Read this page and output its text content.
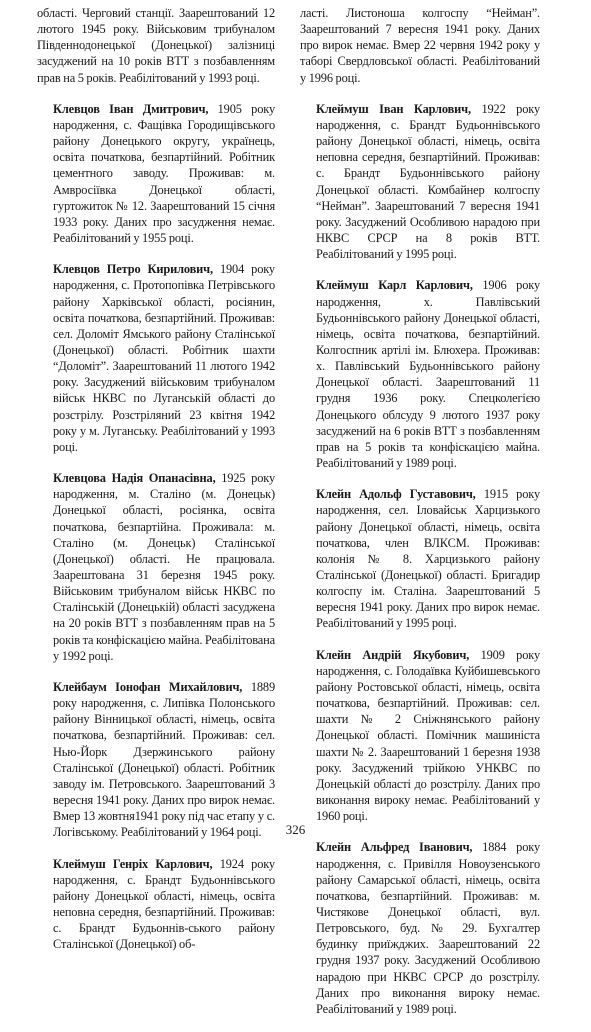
області. Черговий станції. Заарештований 12 лютого 1945 року. Військовим трибуналом Південнодонецької (Донецької) залізниці засуджений на 10 років ВТТ з позбавленням прав на 5 років. Реабілітований у 1993 році.

Клевцов Іван Дмитрович, 1905 року народження, с. Фащівка Городищівського району Донецького округу, українець, освіта початкова, безпартійний. Робітник цементного заводу. Проживав: м. Амвросіївка Донецької області, гуртожиток № 12. Заарештований 15 січня 1933 року. Даних про засудження немає. Реабілітований у 1955 році.

Клевцов Петро Кирилович, 1904 року народження, с. Протопопівка Петрівського району Харківської області, росіянин, освіта початкова, безпартійний. Проживав: сел. Доломіт Ямського району Сталінської (Донецької) області. Робітник шахти “Доломіт”. Заарештований 11 лютого 1942 року. Засуджений військовим трибуналом військ НКВС по Луганській області до розстрілу. Розстріляний 23 квітня 1942 року у м. Луганську. Реабілітований у 1993 році.

Клевцова Надія Опанасівна, 1925 року народження, м. Сталіно (м. Донецьк) Донецької області, росіянка, освіта початкова, безпартійна. Проживала: м. Сталіно (м. Донецьк) Сталінської (Донецької) області. Не працювала. Заарештована 31 березня 1945 року. Військовим трибуналом військ НКВС по Сталінській (Донецькій) області засуджена на 20 років ВТТ з позбавленням прав на 5 років та конфіскацією майна. Реабілітована у 1992 році.

Клейбаум Іонофан Михайлович, 1889 року народження, с. Липівка Полонського району Вінницької області, німець, освіта початкова, безпартійний. Проживав: сел. Нью-Йорк Дзержинського району Сталінської (Донецької) області. Робітник заводу ім. Петровського. Заарештований 3 вересня 1941 року. Даних про вирок немає. Вмер 13 жовтня1941 року під час етапу у с. Логівському. Реабілітований у 1964 році.

Клеймуш Генріх Карлович, 1924 року народження, с. Брандт Будьоннівського району Донецької області, німець, освіта неповна середня, безпартійний. Проживав: с. Брандт Будьоннів-ського району Сталінської (Донецької) об-

ласті. Листоноша колгоспу “Нейман”. Заарештований 7 вересня 1941 року. Даних про вирок немає. Вмер 22 червня 1942 року у таборі Свердловської області. Реабілітований у 1996 році.

Клеймуш Іван Карлович, 1922 року народження, с. Брандт Будьоннівського району Донецької області, німець, освіта неповна середня, безпартійний. Проживав: с. Брандт Будьоннівського району Донецької області. Комбайнер колгоспу “Нейман”. Заарештований 7 вересня 1941 року. Засуджений Особливою нарадою при НКВС СРСР на 8 років ВТТ. Реабілітований у 1995 році.

Клеймуш Карл Карлович, 1906 року народження, х. Павлівський Будьоннівського району Донецької області, німець, освіта початкова, безпартійний. Колгоспник артілі ім. Блюхера. Проживав: х. Павлівський Будьоннівського району Донецької області. Заарештований 11 грудня 1936 року. Спецколегією Донецького облсуду 9 лютого 1937 року засуджений на 6 років ВТТ з позбавленням прав на 5 років та конфіскацією майна. Реабілітований у 1989 році.

Клейн Адольф Густавович, 1915 року народження, сел. Іловайськ Харцизького району Донецької області, німець, освіта початкова, член ВЛКСМ. Проживав: колонія № 8. Харцизького району Сталінської (Донецької) області. Бригадир колгоспу ім. Сталіна. Заарештований 5 вересня 1941 року. Даних про вирок немає. Реабілітований у 1995 році.

Клейн Андрій Якубович, 1909 року народження, с. Голодаївка Куйбишевського району Ростовської області, німець, освіта початкова, безпартійний. Проживав: сел. шахти № 2 Сніжнянського району Донецької області. Помічник машиніста шахти № 2. Заарештований 1 березня 1938 року. Засуджений трійкою УНКВС по Донецькій області до розстрілу. Даних про виконання вироку немає. Реабілітований у 1960 році.

Клейн Альфред Іванович, 1884 року народження, с. Привілля Новоузенського району Самарської області, німець, освіта початкова, безпартійний. Проживав: м. Чистякове Донецької області, вул. Петровського, буд. № 29. Бухгалтер будинку приїжджих. Заарештований 22 грудня 1937 року. Засуджений Особливою нарадою при НКВС СРСР до розстрілу. Даних про виконання вироку немає. Реабілітований у 1989 році.

326
